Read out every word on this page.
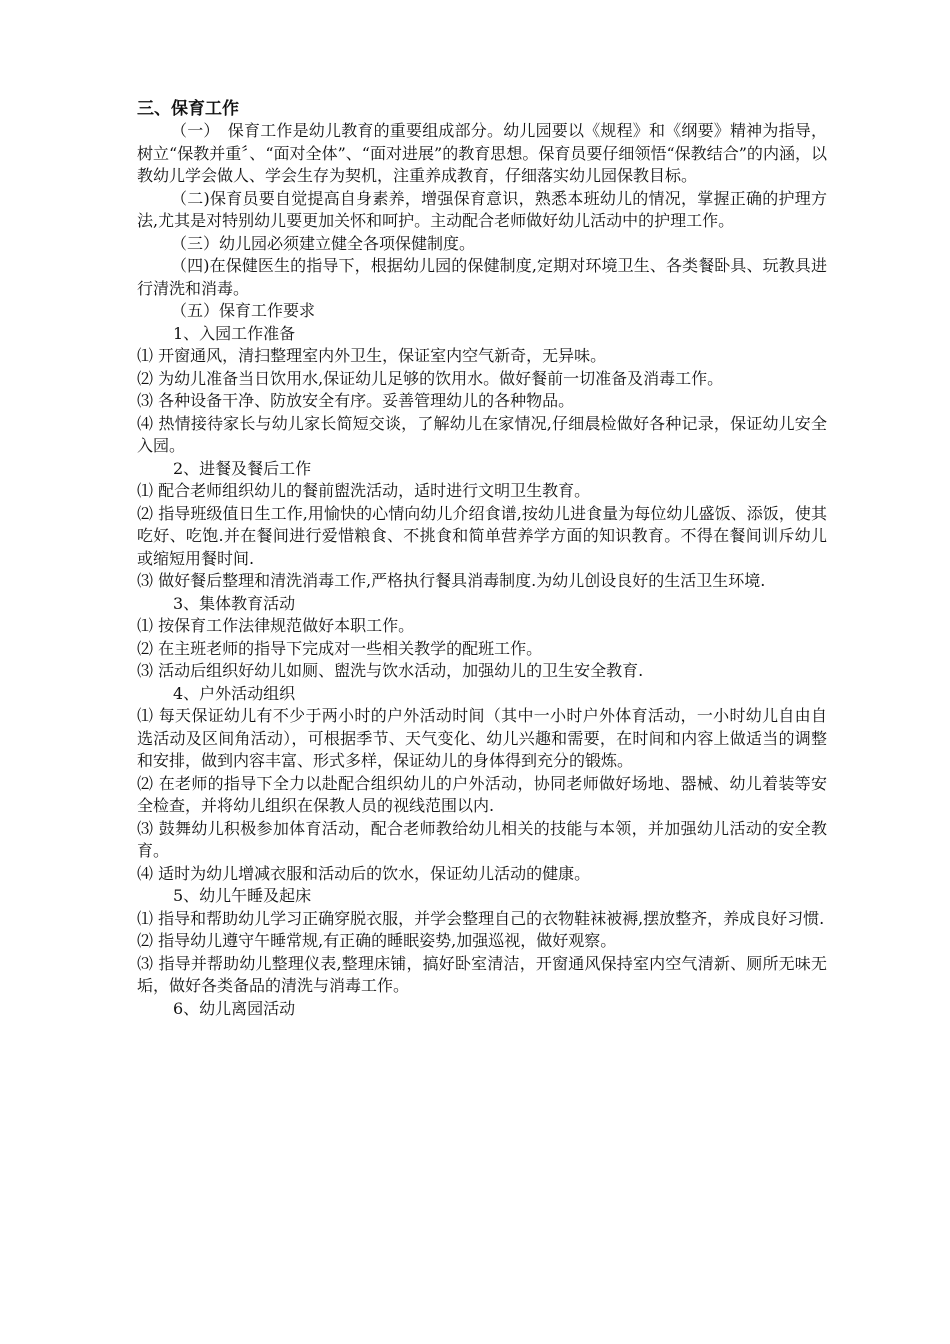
三、保育工作

（一）　保育工作是幼儿教育的重要组成部分。幼儿园要以《规程》和《纲要》精神为指导，树立“保教并重〞、“面对全体”、“面对进展”的教育思想。保育员要仔细领悟“保教结合”的内涵，以教幼儿学会做人、学会生存为契机，注重养成教育，仔细落实幼儿园保教目标。

（二)保育员要自觉提高自身素养，增强保育意识，熟悉本班幼儿的情况，掌握正确的护理方法,尤其是对特别幼儿要更加关怀和呵护。主动配合老师做好幼儿活动中的护理工作。

（三）幼儿园必须建立健全各项保健制度。

（四)在保健医生的指导下，根据幼儿园的保健制度,定期对环境卫生、各类餐卧具、玩教具进行清洗和消毒。

（五）保育工作要求

1、入园工作准备

⑴ 开窗通风，清扫整理室内外卫生，保证室内空气新奇，无异味。

⑵ 为幼儿准备当日饮用水,保证幼儿足够的饮用水。做好餐前一切准备及消毒工作。

⑶ 各种设备干净、防放安全有序。妥善管理幼儿的各种物品。

⑷ 热情接待家长与幼儿家长简短交谈，了解幼儿在家情况,仔细晨检做好各种记录，保证幼儿安全入园。

2、进餐及餐后工作

⑴ 配合老师组织幼儿的餐前盥洗活动，适时进行文明卫生教育。

⑵ 指导班级值日生工作,用愉快的心情向幼儿介绍食谱,按幼儿进食量为每位幼儿盛饭、添饭，使其吃好、吃饱.并在餐间进行爱惜粮食、不挑食和简单营养学方面的知识教育。不得在餐间训斥幼儿或缩短用餐时间.

⑶ 做好餐后整理和清洗消毒工作,严格执行餐具消毒制度.为幼儿创设良好的生活卫生环境.

3、集体教育活动

⑴ 按保育工作法律规范做好本职工作。

⑵ 在主班老师的指导下完成对一些相关教学的配班工作。

⑶ 活动后组织好幼儿如厕、盥洗与饮水活动，加强幼儿的卫生安全教育.

4、户外活动组织

⑴ 每天保证幼儿有不少于两小时的户外活动时间（其中一小时户外体育活动，一小时幼儿自由自选活动及区间角活动），可根据季节、天气变化、幼儿兴趣和需要，在时间和内容上做适当的调整和安排，做到内容丰富、形式多样，保证幼儿的身体得到充分的锻炼。

⑵ 在老师的指导下全力以赴配合组织幼儿的户外活动，协同老师做好场地、器械、幼儿着装等安全检查，并将幼儿组织在保教人员的视线范围以内.

⑶ 鼓舞幼儿积极参加体育活动，配合老师教给幼儿相关的技能与本领，并加强幼儿活动的安全教育。

⑷ 适时为幼儿增减衣服和活动后的饮水，保证幼儿活动的健康。

5、幼儿午睡及起床

⑴ 指导和帮助幼儿学习正确穿脱衣服，并学会整理自己的衣物鞋袜被褥,摆放整齐，养成良好习惯.

⑵ 指导幼儿遵守午睡常规,有正确的睡眠姿势,加强巡视，做好观察。

⑶ 指导并帮助幼儿整理仪表,整理床铺，搞好卧室清洁，开窗通风保持室内空气清新、厕所无味无垢，做好各类备品的清洗与消毒工作。

6、幼儿离园活动
